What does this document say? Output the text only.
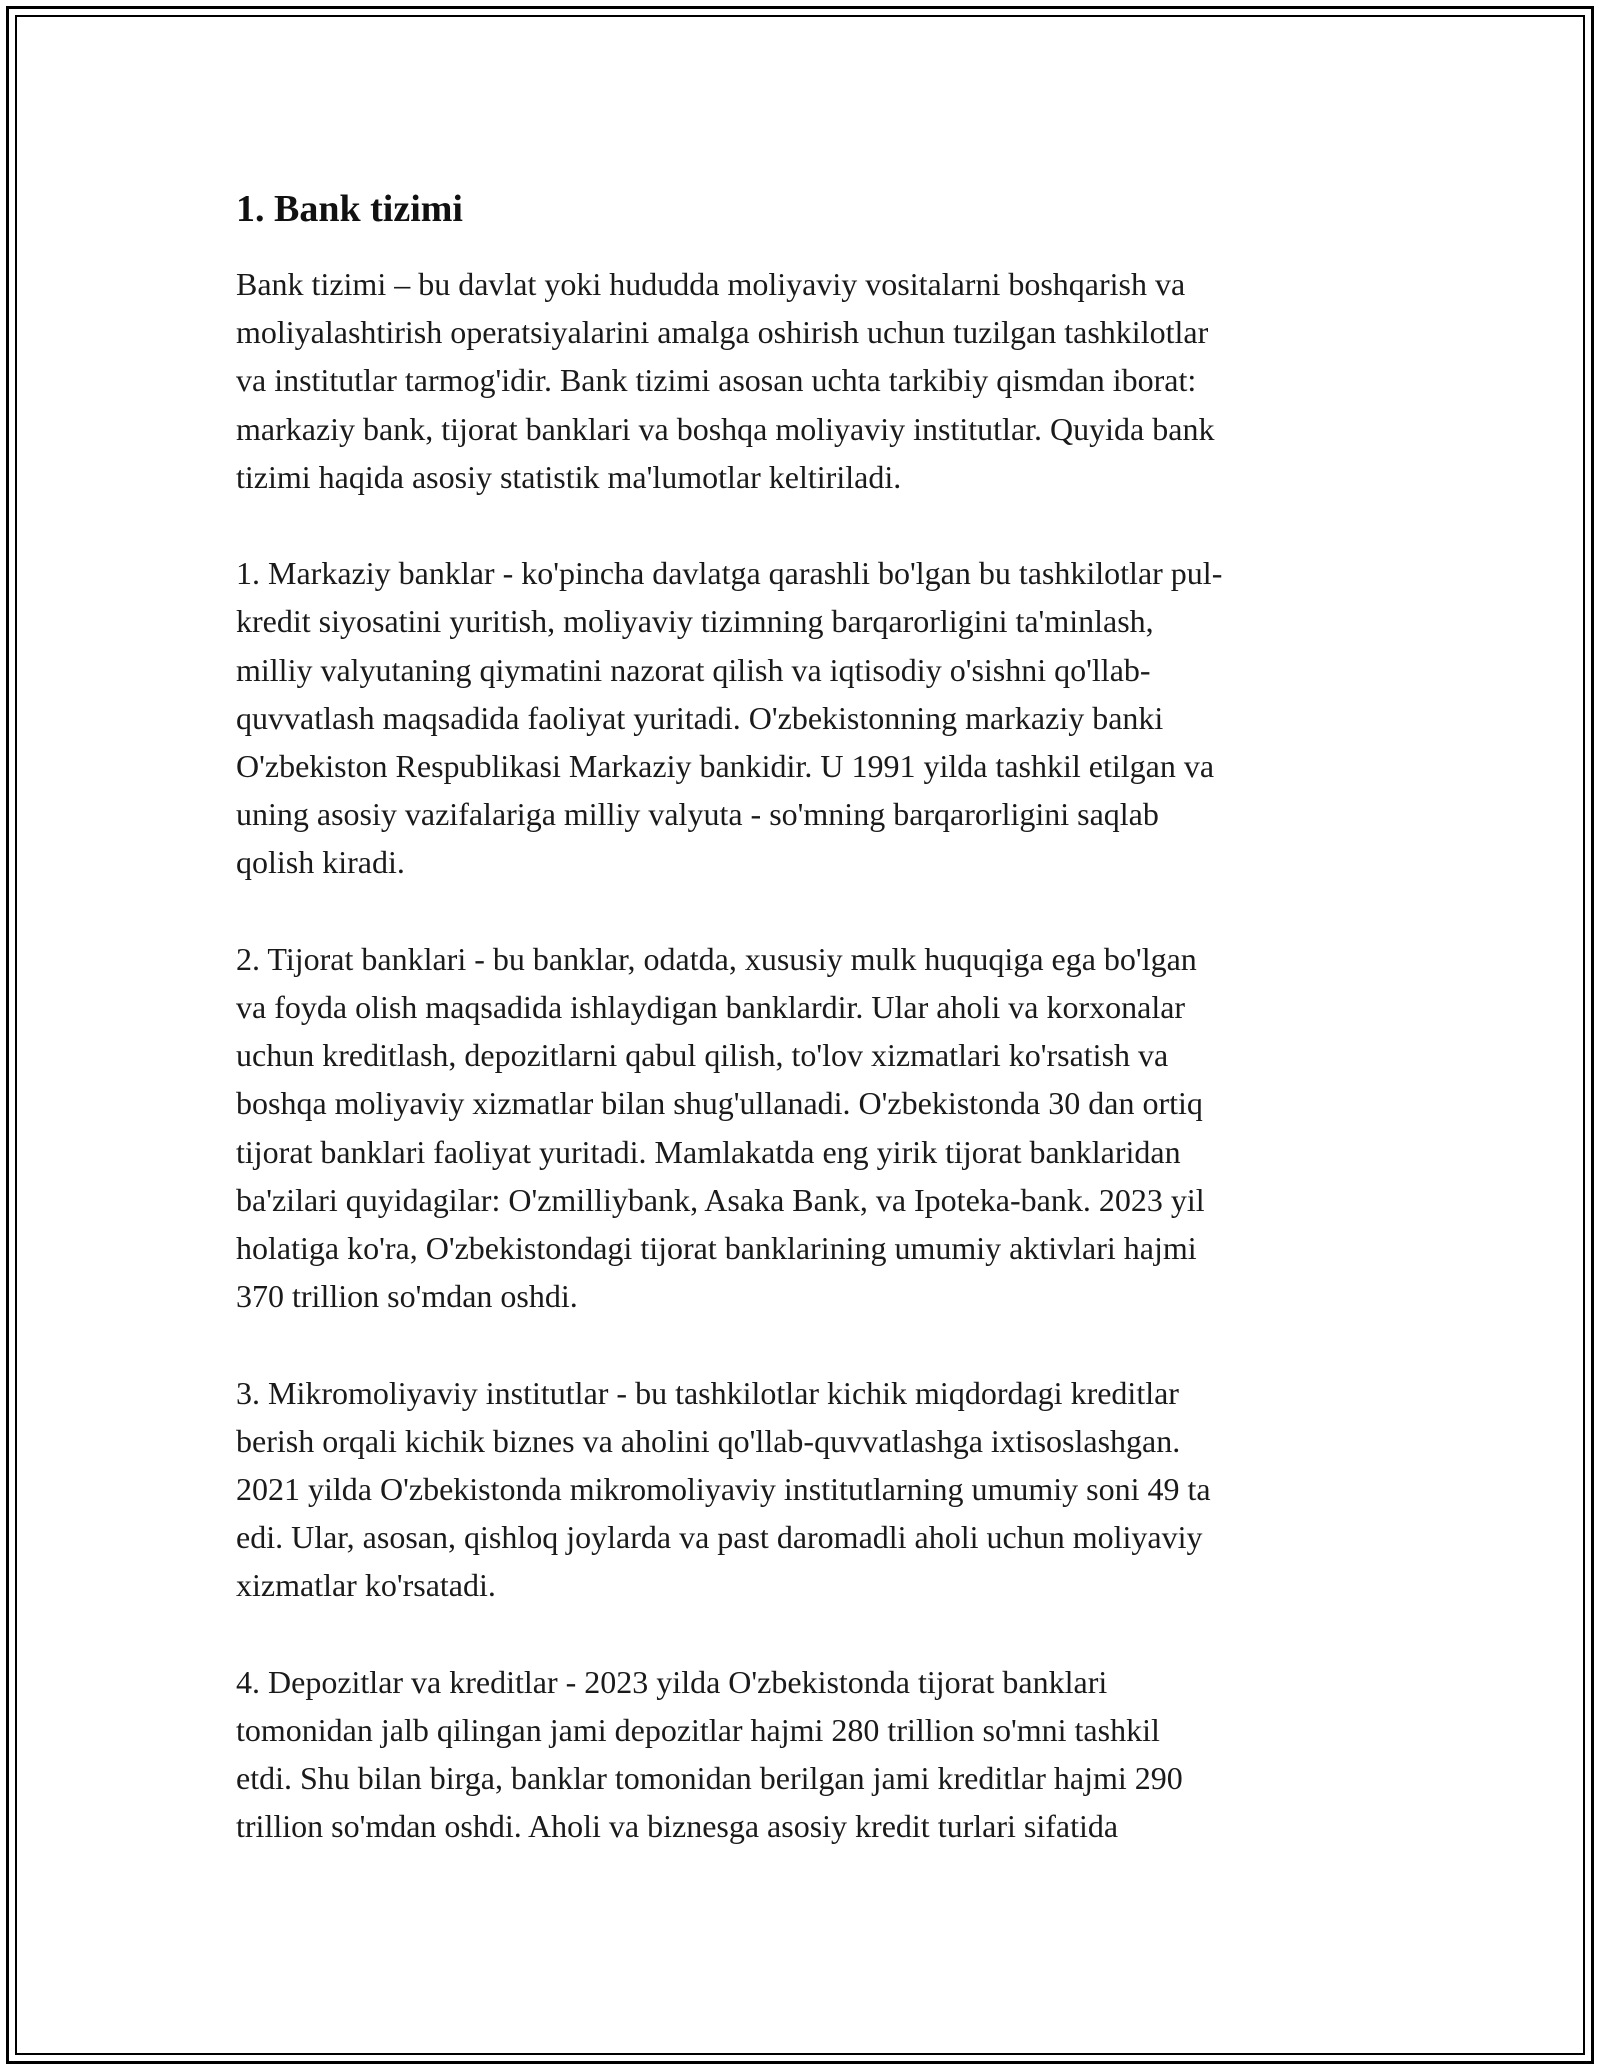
1. Bank tizimi

Bank tizimi – bu davlat yoki hududda moliyaviy vositalarni boshqarish va
moliyalashtirish operatsiyalarini amalga oshirish uchun tuzilgan tashkilotlar
va institutlar tarmog'idir. Bank tizimi asosan uchta tarkibiy qismdan iborat:
markaziy bank, tijorat banklari va boshqa moliyaviy institutlar. Quyida bank
tizimi haqida asosiy statistik ma'lumotlar keltiriladi.

1. Markaziy banklar - ko'pincha davlatga qarashli bo'lgan bu tashkilotlar pul-
kredit siyosatini yuritish, moliyaviy tizimning barqarorligini ta'minlash,
milliy valyutaning qiymatini nazorat qilish va iqtisodiy o'sishni qo'llab-
quvvatlash maqsadida faoliyat yuritadi. O'zbekistonning markaziy banki
O'zbekiston Respublikasi Markaziy bankidir. U 1991 yilda tashkil etilgan va
uning asosiy vazifalariga milliy valyuta - so'mning barqarorligini saqlab
qolish kiradi.

2. Tijorat banklari - bu banklar, odatda, xususiy mulk huquqiga ega bo'lgan
va foyda olish maqsadida ishlaydigan banklardir. Ular aholi va korxonalar
uchun kreditlash, depozitlarni qabul qilish, to'lov xizmatlari ko'rsatish va
boshqa moliyaviy xizmatlar bilan shug'ullanadi. O'zbekistonda 30 dan ortiq
tijorat banklari faoliyat yuritadi. Mamlakatda eng yirik tijorat banklaridan
ba'zilari quyidagilar: O'zmilliybank, Asaka Bank, va Ipoteka-bank. 2023 yil
holatiga ko'ra, O'zbekistondagi tijorat banklarining umumiy aktivlari hajmi
370 trillion so'mdan oshdi.

3. Mikromoliyaviy institutlar - bu tashkilotlar kichik miqdordagi kreditlar
berish orqali kichik biznes va aholini qo'llab-quvvatlashga ixtisoslashgan.
2021 yilda O'zbekistonda mikromoliyaviy institutlarning umumiy soni 49 ta
edi. Ular, asosan, qishloq joylarda va past daromadli aholi uchun moliyaviy
xizmatlar ko'rsatadi.

4. Depozitlar va kreditlar - 2023 yilda O'zbekistonda tijorat banklari
tomonidan jalb qilingan jami depozitlar hajmi 280 trillion so'mni tashkil
etdi. Shu bilan birga, banklar tomonidan berilgan jami kreditlar hajmi 290
trillion so'mdan oshdi. Aholi va biznesga asosiy kredit turlari sifatida
